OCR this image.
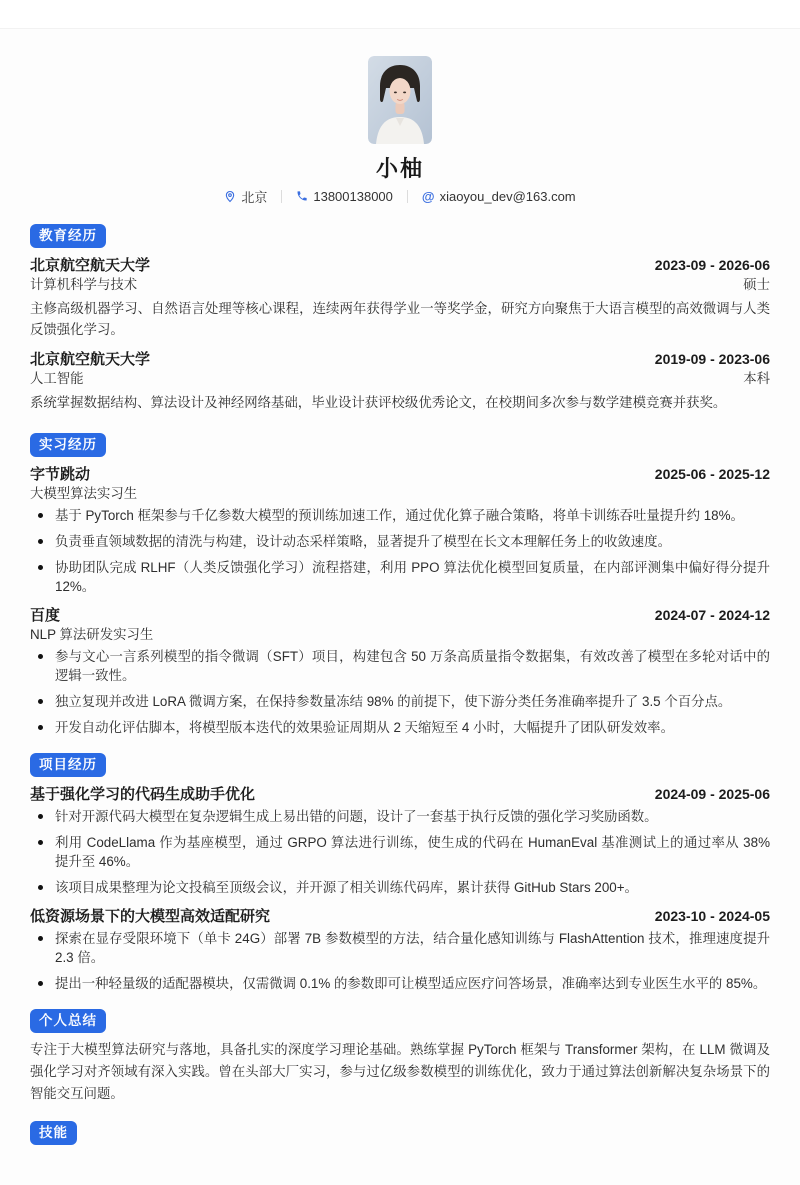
小柚
北京	13800138000 @ xiaoyou_dev@163.com
教育经历
北京航空航天大学	2023-09 - 2026-06
计算机科学与技术	硕士

主修高级机器学习、自然语言处理等核心课程，连续两年获得学业一等奖学金，研究方向聚焦于大语言模型的高效微调与人类反馈强化学习。

北京航空航天大学	2019-09 - 2023-06
人工智能	本科

系统掌握数据结构、算法设计及神经网络基础，毕业设计获评校级优秀论文，在校期间多次参与数学建模竞赛并获奖。

实习经历
字节跳动	2025-06 - 2025-12
大模型算法实习生
基于 PyTorch 框架参与千亿参数大模型的预训练加速工作，通过优化算子融合策略，将单卡训练吞吐量提升约 18%。
负责垂直领域数据的清洗与构建，设计动态采样策略，显著提升了模型在长文本理解任务上的收敛速度。
协助团队完成 RLHF（人类反馈强化学习）流程搭建，利用 PPO 算法优化模型回复质量，在内部评测集中偏好得分提升 12%。
百度	2024-07 - 2024-12
NLP 算法研发实习生
参与文心一言系列模型的指令微调（SFT）项目，构建包含 50 万条高质量指令数据集，有效改善了模型在多轮对话中的逻辑一致性。
独立复现并改进 LoRA 微调方案，在保持参数量冻结 98% 的前提下，使下游分类任务准确率提升了 3.5 个百分点。
开发自动化评估脚本，将模型版本迭代的效果验证周期从 2 天缩短至 4 小时，大幅提升了团队研发效率。
项目经历
基于强化学习的代码生成助手优化	2024-09 - 2025-06
针对开源代码大模型在复杂逻辑生成上易出错的问题，设计了一套基于执行反馈的强化学习奖励函数。
利用 CodeLlama 作为基座模型，通过 GRPO 算法进行训练，使生成的代码在 HumanEval 基准测试上的通过率从 38% 提升至 46%。
该项目成果整理为论文投稿至顶级会议，并开源了相关训练代码库，累计获得 GitHub Stars 200+。
低资源场景下的大模型高效适配研究	2023-10 - 2024-05
探索在显存受限环境下（单卡 24G）部署 7B 参数模型的方法，结合量化感知训练与 FlashAttention 技术，推理速度提升 2.3 倍。
提出一种轻量级的适配器模块，仅需微调 0.1% 的参数即可让模型适应医疗问答场景，准确率达到专业医生水平的 85%。
个人总结

专注于大模型算法研究与落地，具备扎实的深度学习理论基础。熟练掌握 PyTorch 框架与 Transformer 架构，在 LLM 微调及强化学习对齐领域有深入实践。曾在头部大厂实习，参与过亿级参数模型的训练优化，致力于通过算法创新解决复杂场景下的智能交互问题。

技能
